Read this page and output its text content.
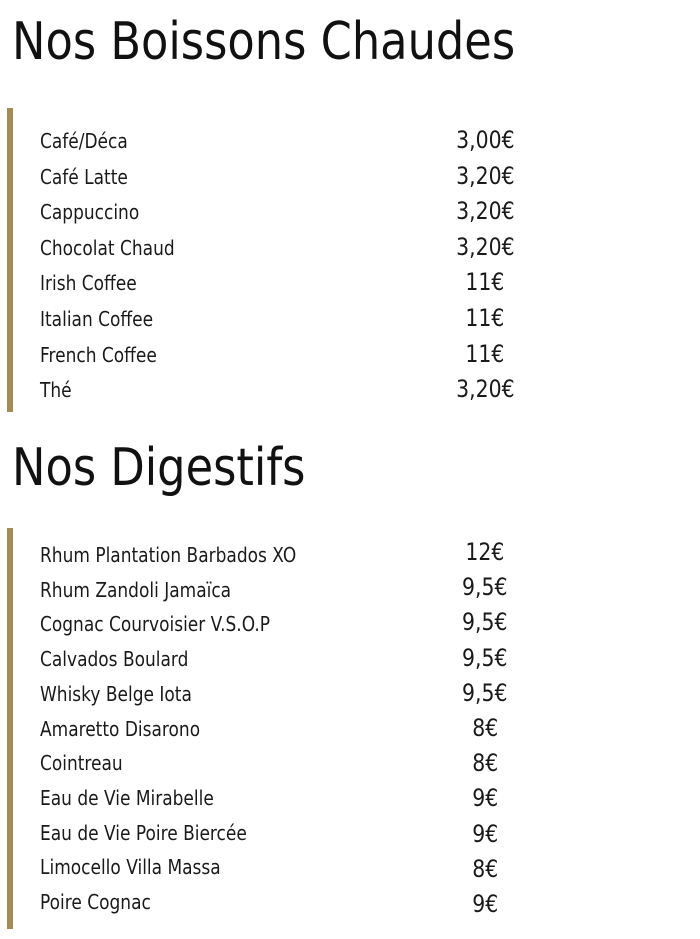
Nos Boissons Chaudes
Café/Déca	3,00€
Café Latte	3,20€
Cappuccino	3,20€
Chocolat Chaud	3,20€
Irish Coffee	11€
Italian Coffee	11€
French Coffee	11€
Thé	3,20€
Nos Digestifs
Rhum Plantation Barbados XO	12€
Rhum Zandoli Jamaïca	9,5€
Cognac Courvoisier V.S.O.P	9,5€
Calvados Boulard	9,5€
Whisky Belge Iota	9,5€
Amaretto Disarono	8€
Cointreau	8€
Eau de Vie Mirabelle	9€
Eau de Vie Poire Biercée	9€
Limocello Villa Massa	8€
Poire Cognac	9€
